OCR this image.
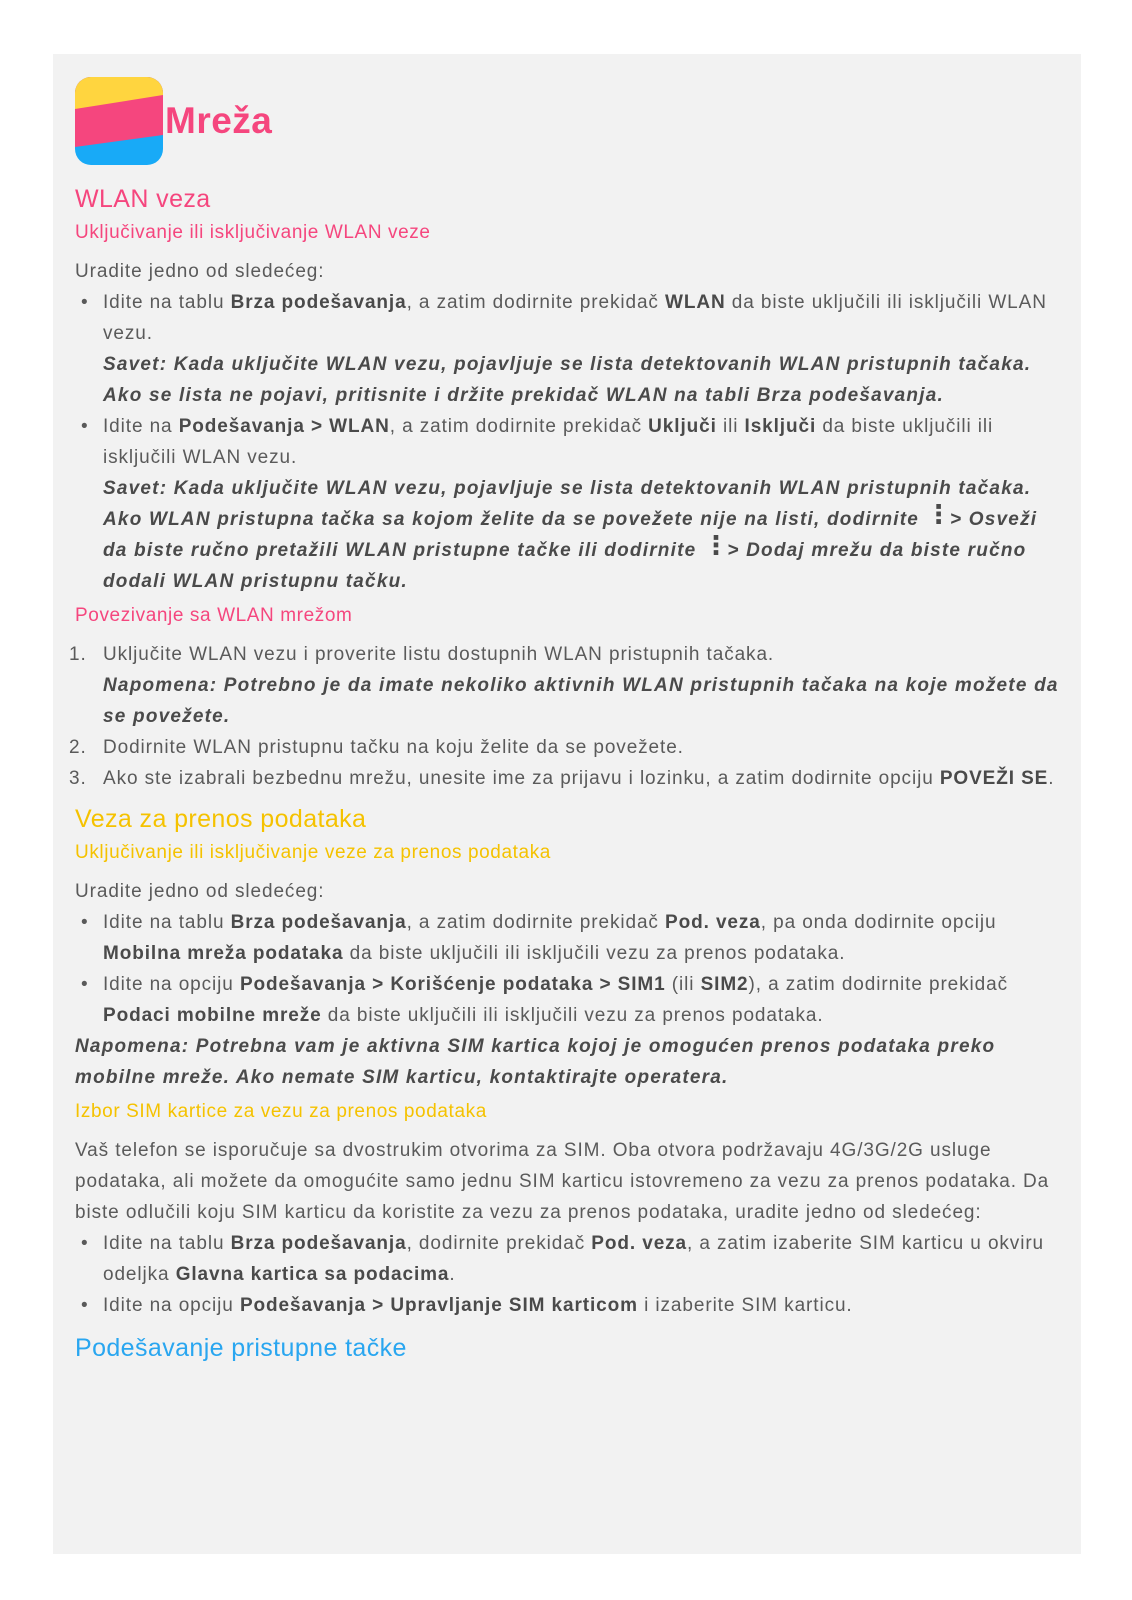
Mreža
WLAN veza
Uključivanje ili isključivanje WLAN veze

Uradite jedno od sledećeg:

• Idite na tablu Brza podešavanja, a zatim dodirnite prekidač WLAN da biste uključili ili isključili WLAN vezu.
Savet: Kada uključite WLAN vezu, pojavljuje se lista detektovanih WLAN pristupnih tačaka. Ako se lista ne pojavi, pritisnite i držite prekidač WLAN na tabli Brza podešavanja.
• Idite na Podešavanja > WLAN, a zatim dodirnite prekidač Uključi ili Isključi da biste uključili ili isključili WLAN vezu.
Savet: Kada uključite WLAN vezu, pojavljuje se lista detektovanih WLAN pristupnih tačaka. Ako WLAN pristupna tačka sa kojom želite da se povežete nije na listi, dodirnite ⋮ > Osveži da biste ručno pretažili WLAN pristupne tačke ili dodirnite ⋮ > Dodaj mrežu da biste ručno dodali WLAN pristupnu tačku.
Povezivanje sa WLAN mrežom
1. Uključite WLAN vezu i proverite listu dostupnih WLAN pristupnih tačaka.
Napomena: Potrebno je da imate nekoliko aktivnih WLAN pristupnih tačaka na koje možete da se povežete.
2. Dodirnite WLAN pristupnu tačku na koju želite da se povežete.
3. Ako ste izabrali bezbednu mrežu, unesite ime za prijavu i lozinku, a zatim dodirnite opciju POVEŽI SE.
Veza za prenos podataka
Uključivanje ili isključivanje veze za prenos podataka

Uradite jedno od sledećeg:

• Idite na tablu Brza podešavanja, a zatim dodirnite prekidač Pod. veza, pa onda dodirnite opciju Mobilna mreža podataka da biste uključili ili isključili vezu za prenos podataka.
• Idite na opciju Podešavanja > Korišćenje podataka > SIM1 (ili SIM2), a zatim dodirnite prekidač Podaci mobilne mreže da biste uključili ili isključili vezu za prenos podataka.

Napomena: Potrebna vam je aktivna SIM kartica kojoj je omogućen prenos podataka preko mobilne mreže. Ako nemate SIM karticu, kontaktirajte operatera.

Izbor SIM kartice za vezu za prenos podataka

Vaš telefon se isporučuje sa dvostrukim otvorima za SIM. Oba otvora podržavaju 4G/3G/2G usluge podataka, ali možete da omogućite samo jednu SIM karticu istovremeno za vezu za prenos podataka. Da biste odlučili koju SIM karticu da koristite za vezu za prenos podataka, uradite jedno od sledećeg:

• Idite na tablu Brza podešavanja, dodirnite prekidač Pod. veza, a zatim izaberite SIM karticu u okviru odeljka Glavna kartica sa podacima.
• Idite na opciju Podešavanja > Upravljanje SIM karticom i izaberite SIM karticu.
Podešavanje pristupne tačke
